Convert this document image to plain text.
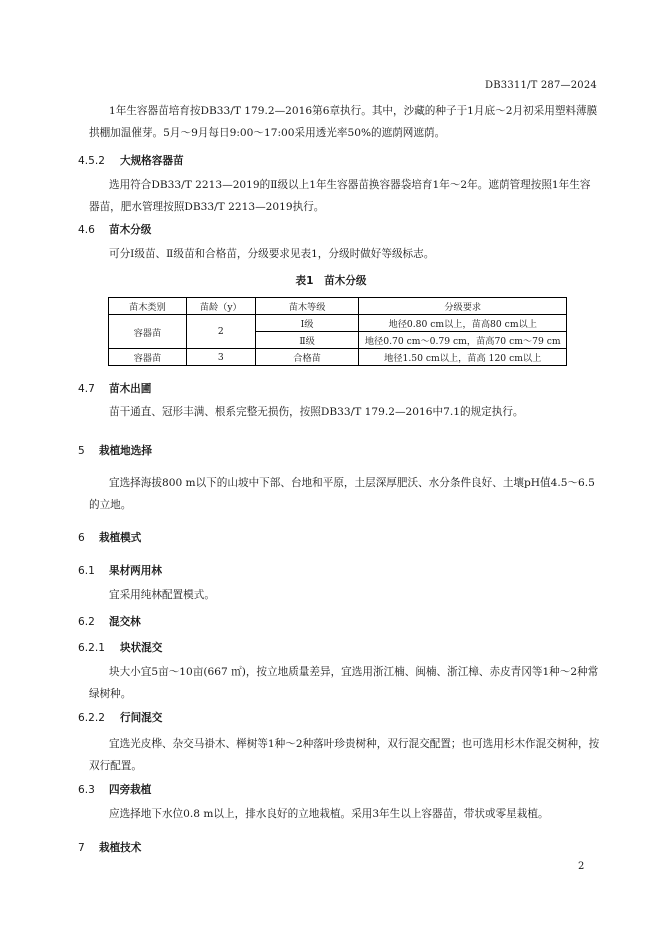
DB3311/T 287—2024
1年生容器苗培育按DB33/T 179.2—2016第6章执行。其中，沙藏的种子于1月底～2月初采用塑料薄膜拱棚加温催芽。5月～9月每日9:00～17:00采用透光率50%的遮荫网遮荫。
4.5.2 大规格容器苗
选用符合DB33/T 2213—2019的Ⅱ级以上1年生容器苗换容器袋培育1年～2年。遮荫管理按照1年生容器苗，肥水管理按照DB33/T 2213—2019执行。
4.6 苗木分级
可分Ⅰ级苗、Ⅱ级苗和合格苗，分级要求见表1，分级时做好等级标志。
表1　苗木分级
苗木类别	苗龄（y）	苗木等级	分级要求
容器苗	2	Ⅰ级	地径0.80 cm以上，苗高80 cm以上
		Ⅱ级	地径0.70 cm～0.79 cm，苗高70 cm～79 cm
容器苗	3	合格苗	地径1.50 cm以上，苗高 120 cm以上
4.7 苗木出圃
苗干通直、冠形丰满、根系完整无损伤，按照DB33/T 179.2—2016中7.1的规定执行。
5 栽植地选择
宜选择海拔800 m以下的山坡中下部、台地和平原，土层深厚肥沃、水分条件良好、土壤pH值4.5～6.5的立地。
6 栽植模式
6.1 果材两用林
宜采用纯林配置模式。
6.2 混交林
6.2.1 块状混交
块大小宜5亩～10亩(667 ㎡)，按立地质量差异，宜选用浙江楠、闽楠、浙江樟、赤皮青冈等1种～2种常绿树种。
6.2.2 行间混交
宜选光皮桦、杂交马褂木、榉树等1种～2种落叶珍贵树种，双行混交配置；也可选用杉木作混交树种，按双行配置。
6.3 四旁栽植
应选择地下水位0.8 m以上，排水良好的立地栽植。采用3年生以上容器苗，带状或零星栽植。
7 栽植技术
2
